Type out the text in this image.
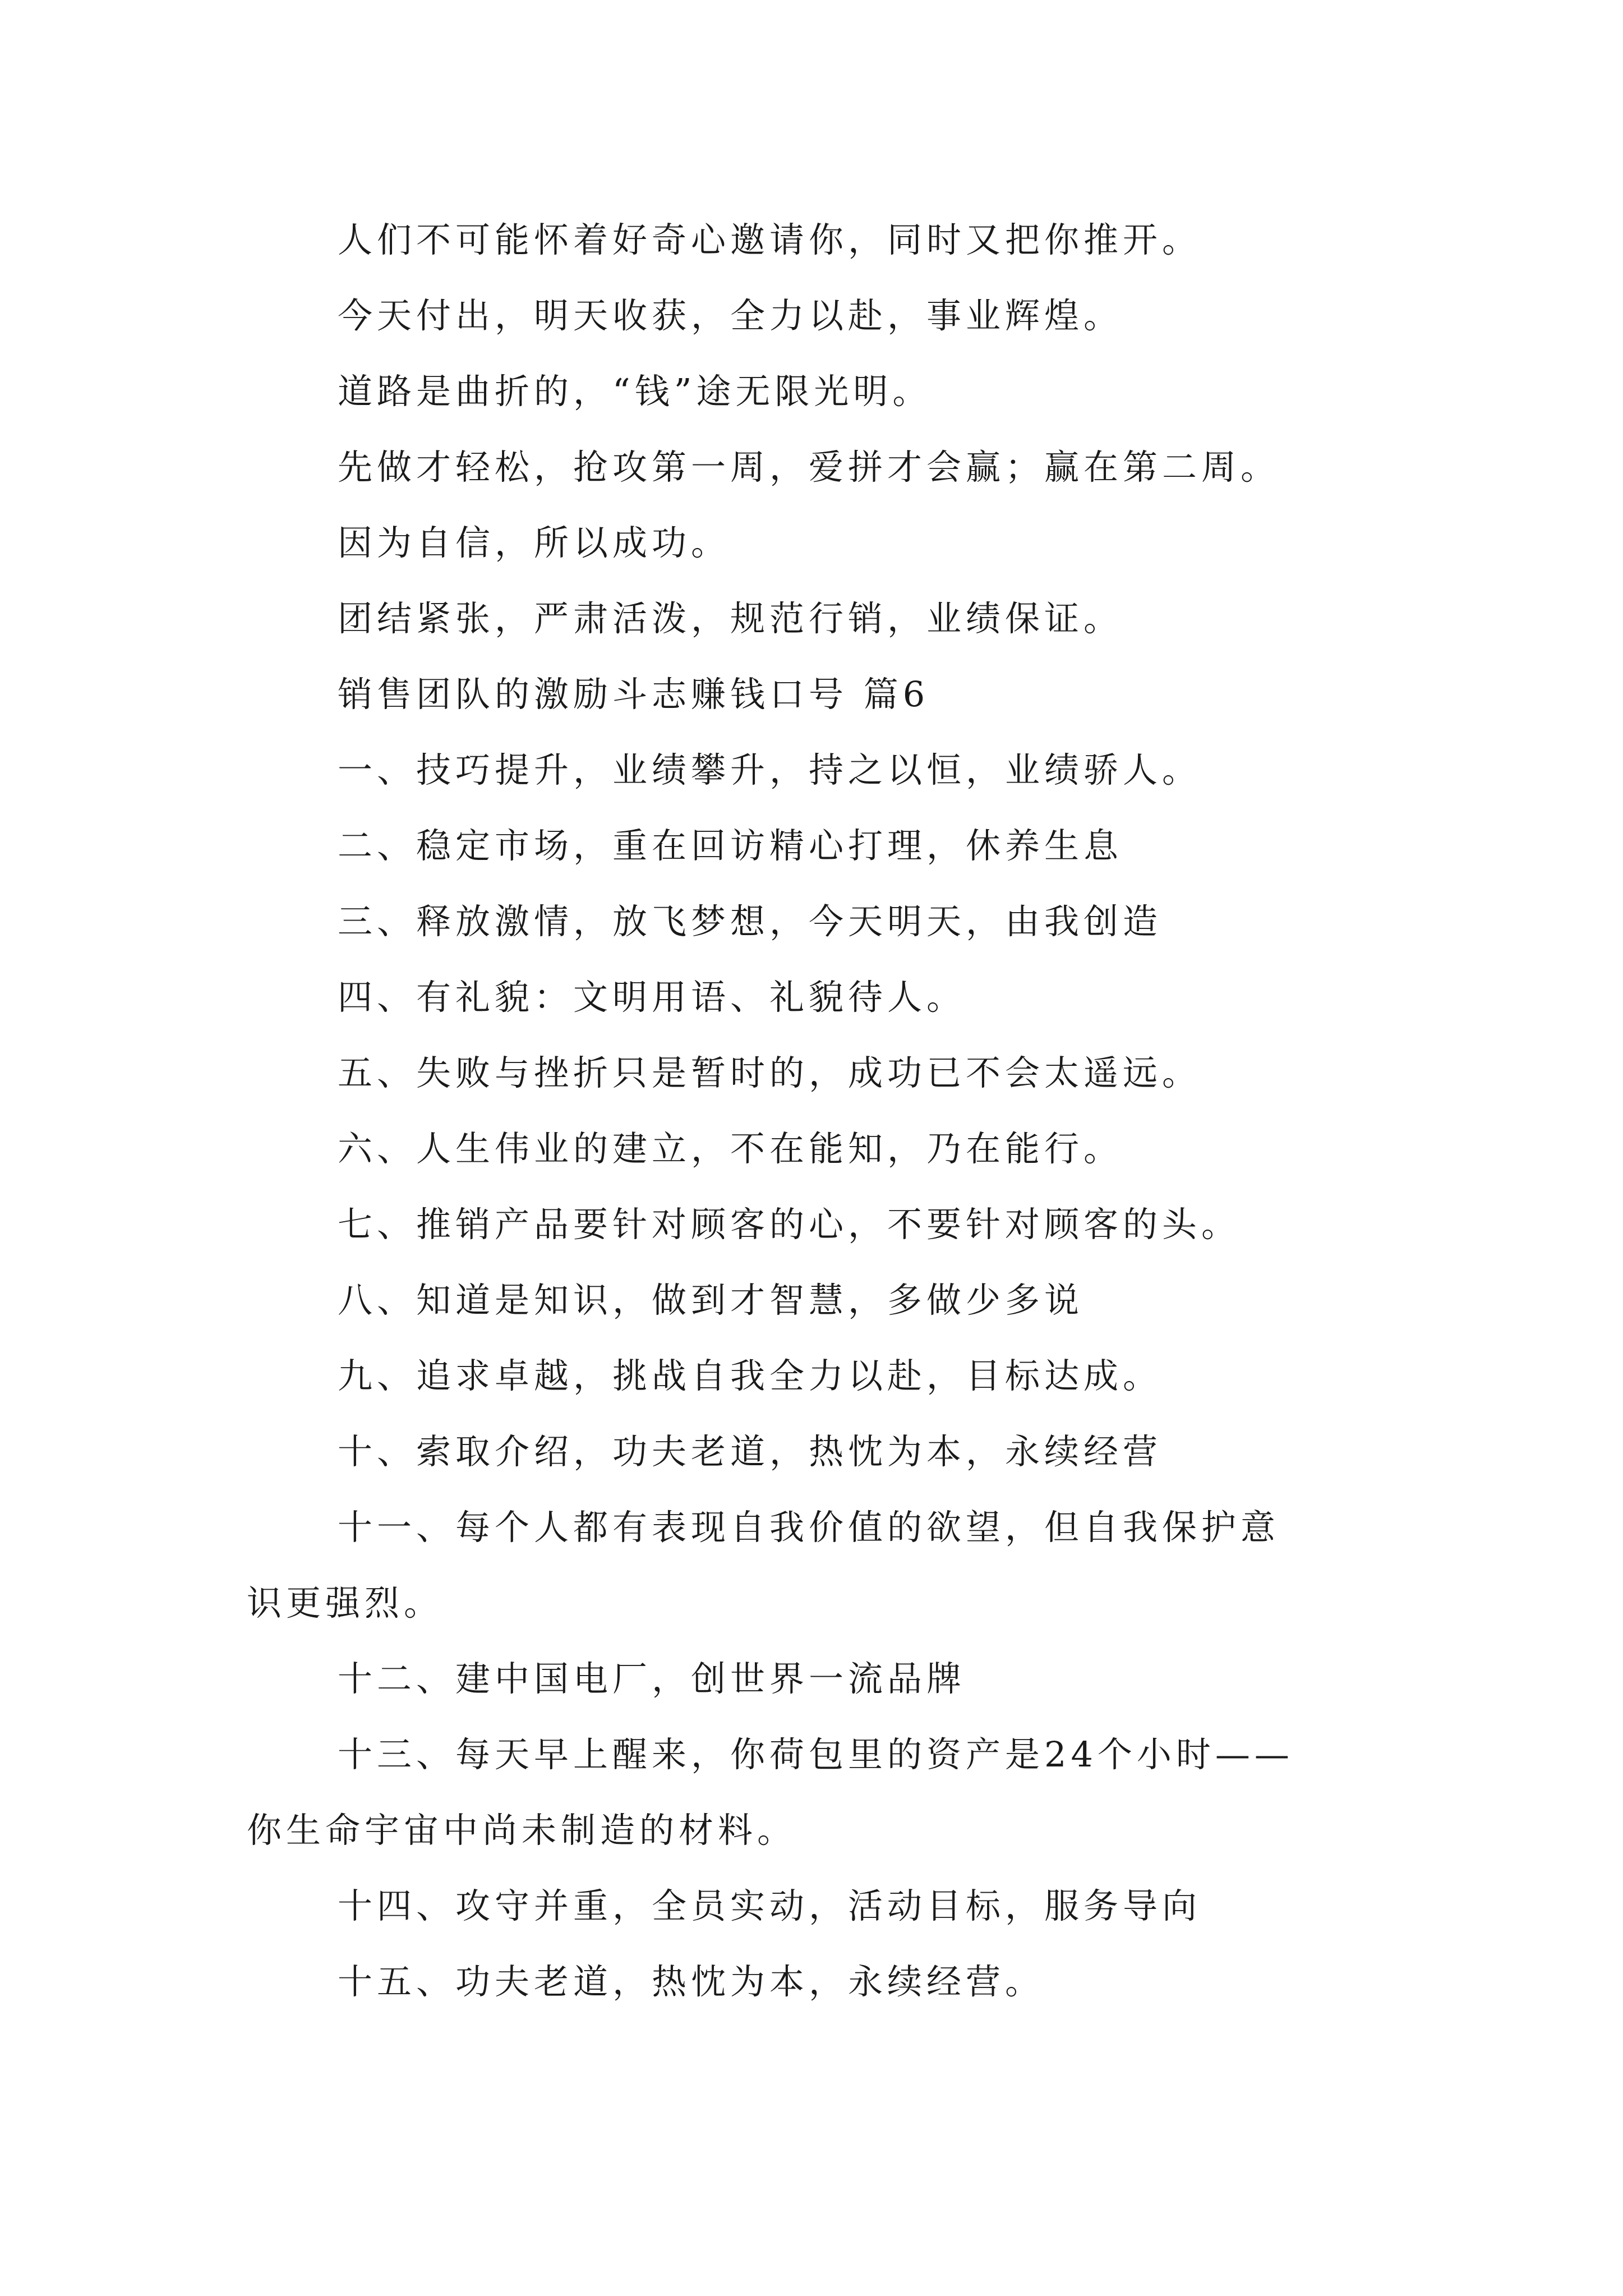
人们不可能怀着好奇心邀请你，同时又把你推开。
今天付出，明天收获，全力以赴，事业辉煌。
道路是曲折的，“钱”途无限光明。
先做才轻松，抢攻第一周，爱拼才会赢；赢在第二周。
因为自信，所以成功。
团结紧张，严肃活泼，规范行销，业绩保证。
销售团队的激励斗志赚钱口号 篇6
一、技巧提升，业绩攀升，持之以恒，业绩骄人。
二、稳定市场，重在回访精心打理，休养生息
三、释放激情，放飞梦想，今天明天，由我创造
四、有礼貌：文明用语、礼貌待人。
五、失败与挫折只是暂时的，成功已不会太遥远。
六、人生伟业的建立，不在能知，乃在能行。
七、推销产品要针对顾客的心，不要针对顾客的头。
八、知道是知识，做到才智慧，多做少多说
九、追求卓越，挑战自我全力以赴，目标达成。
十、索取介绍，功夫老道，热忱为本，永续经营
十一、每个人都有表现自我价值的欲望，但自我保护意
识更强烈。
十二、建中国电厂，创世界一流品牌
十三、每天早上醒来，你荷包里的资产是24个小时——
你生命宇宙中尚未制造的材料。
十四、攻守并重，全员实动，活动目标，服务导向
十五、功夫老道，热忱为本，永续经营。
